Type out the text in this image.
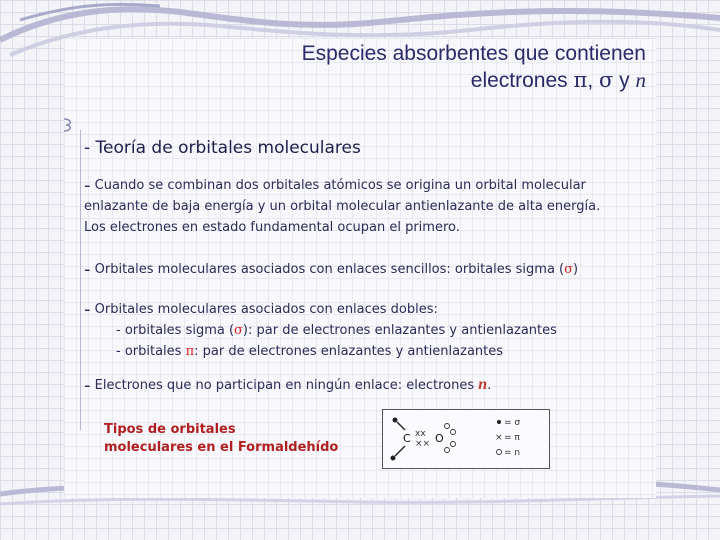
Especies absorbentes que contienen
electrones π, σ y n
- Teoría de orbitales moleculares
- Cuando se combinan dos orbitales atómicos se origina un orbital molecular
enlazante de baja energía y un orbital molecular antienlazante de alta energía.
Los electrones en estado fundamental ocupan el primero.
- Orbitales moleculares asociados con enlaces sencillos: orbitales sigma (σ)
- Orbitales moleculares asociados con enlaces dobles:
- orbitales sigma (σ): par de electrones enlazantes y antienlazantes
- orbitales π: par de electrones enlazantes y antienlazantes
- Electrones que no participan en ningún enlace: electrones n.
Tipos de orbitales
moleculares en el Formaldehído
C xx
×× O
= σ
× = π
= n
